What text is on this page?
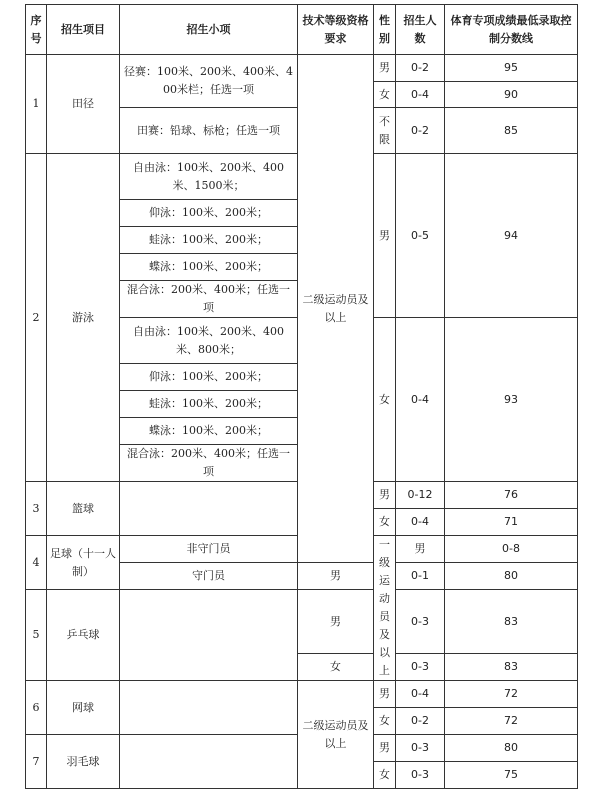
序号	招生项目	招生小项	技术等级资格要求	性别	招生人数	体育专项成绩最低录取控制分数线	
1	田径	径赛：100米、200米、400米、400米栏；任选一项	二级运动员及以上	男	0-2	95	
				女	0-4	90	
		田赛：铅球、标枪；任选一项		不限	0-2	85	
2	游泳	自由泳：100米、200米、400米、1500米；		男	0-5	94	
		仰泳：100米、200米；					
		蛙泳：100米、200米；					
		蝶泳：100米、200米；					
		混合泳：200米、400米；任选一项					
		自由泳：100米、200米、400米、800米；		女	0-4	93	
		仰泳：100米、200米；					
		蛙泳：100米、200米；					
		蝶泳：100米、200米；					
		混合泳：200米、400米；任选一项					
3	篮球			男	0-12	76	
				女	0-4	71	
4	足球（十一人制）	非守门员		一级运动员及以上	男	0-8	
		守门员	男		0-1	80	
5	乒乓球		男		0-3	83	
			女		0-3	83	
6	网球		二级运动员及以上	男	0-4	72	
				女	0-2	72	
7	羽毛球			男	0-3	80	
				女	0-3	75	
